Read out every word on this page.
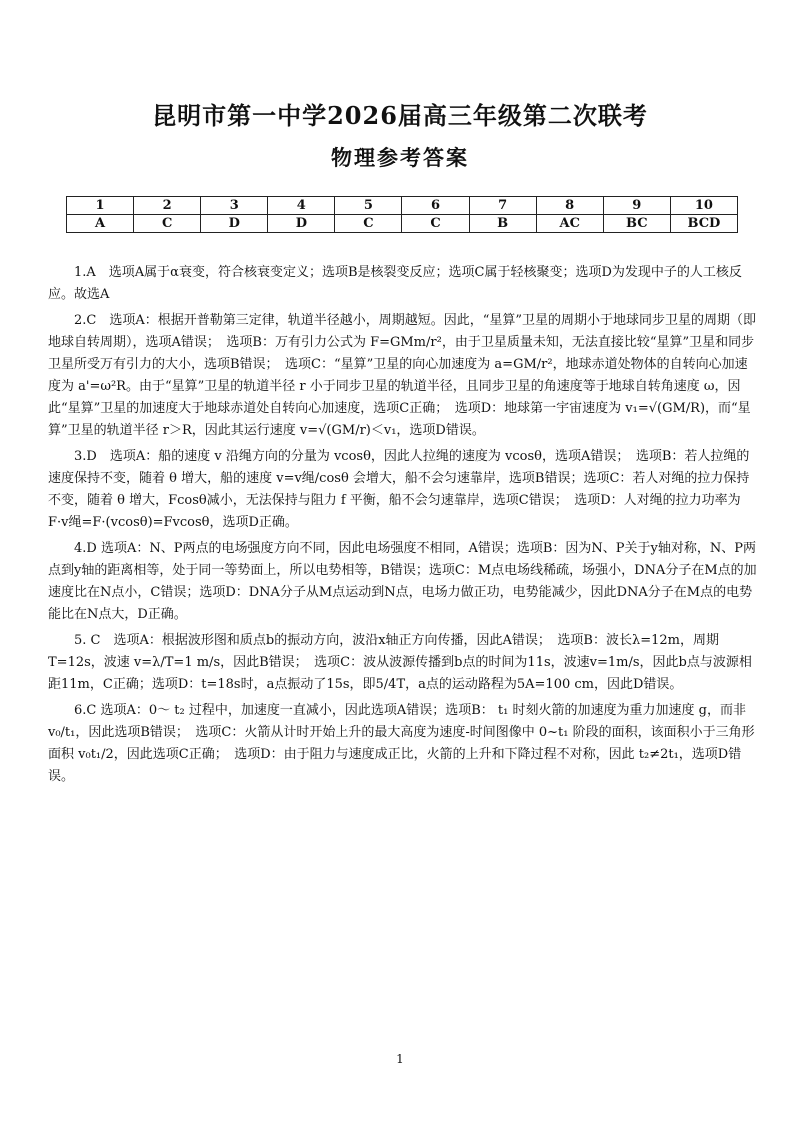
昆明市第一中学2026届高三年级第二次联考
物理参考答案
1	2	3	4	5	6	7	8	9	10
A	C	D	D	C	C	B	AC	BC	BCD

1.A　选项A属于α衰变，符合核衰变定义；选项B是核裂变反应；选项C属于轻核聚变；选项D为发现中子的人工核反应。故选A

2.C　选项A：根据开普勒第三定律，轨道半径越小，周期越短。因此，“星算”卫星的周期小于地球同步卫星的周期（即地球自转周期），选项A错误；　选项B：万有引力公式为 F=GMm/r²，由于卫星质量未知，无法直接比较“星算”卫星和同步卫星所受万有引力的大小，选项B错误；　选项C：“星算”卫星的向心加速度为 a=GM/r²，地球赤道处物体的自转向心加速度为 a'=ω²R。由于“星算”卫星的轨道半径 r 小于同步卫星的轨道半径，且同步卫星的角速度等于地球自转角速度 ω，因此“星算”卫星的加速度大于地球赤道处自转向心加速度，选项C正确；　选项D：地球第一宇宙速度为 v₁=√(GM/R)，而“星算”卫星的轨道半径 r＞R，因此其运行速度 v=√(GM/r)＜v₁，选项D错误。

3.D　选项A：船的速度 v 沿绳方向的分量为 vcosθ，因此人拉绳的速度为 vcosθ，选项A错误；　选项B：若人拉绳的速度保持不变，随着 θ 增大，船的速度 v=v绳/cosθ 会增大，船不会匀速靠岸，选项B错误；选项C：若人对绳的拉力保持不变，随着 θ 增大，Fcosθ减小，无法保持与阻力 f 平衡，船不会匀速靠岸，选项C错误；　选项D：人对绳的拉力功率为 F·v绳=F·(vcosθ)=Fvcosθ，选项D正确。

4.D 选项A：N、P两点的电场强度方向不同，因此电场强度不相同，A错误；选项B：因为N、P关于y轴对称，N、P两点到y轴的距离相等，处于同一等势面上，所以电势相等，B错误；选项C：M点电场线稀疏，场强小，DNA分子在M点的加速度比在N点小，C错误；选项D：DNA分子从M点运动到N点，电场力做正功，电势能减少，因此DNA分子在M点的电势能比在N点大，D正确。

5. C　选项A：根据波形图和质点b的振动方向，波沿x轴正方向传播，因此A错误；　选项B：波长λ=12m，周期T=12s，波速 v=λ/T=1 m/s，因此B错误；　选项C：波从波源传播到b点的时间为11s，波速v=1m/s，因此b点与波源相距11m，C正确；选项D：t=18s时，a点振动了15s，即5/4T，a点的运动路程为5A=100 cm，因此D错误。

6.C 选项A：0～ t₂ 过程中，加速度一直减小，因此选项A错误；选项B： t₁ 时刻火箭的加速度为重力加速度 g，而非 v₀/t₁，因此选项B错误；　选项C：火箭从计时开始上升的最大高度为速度-时间图像中 0~t₁ 阶段的面积，该面积小于三角形面积 v₀t₁/2，因此选项C正确；　选项D：由于阻力与速度成正比，火箭的上升和下降过程不对称，因此 t₂≠2t₁，选项D错误。

1
